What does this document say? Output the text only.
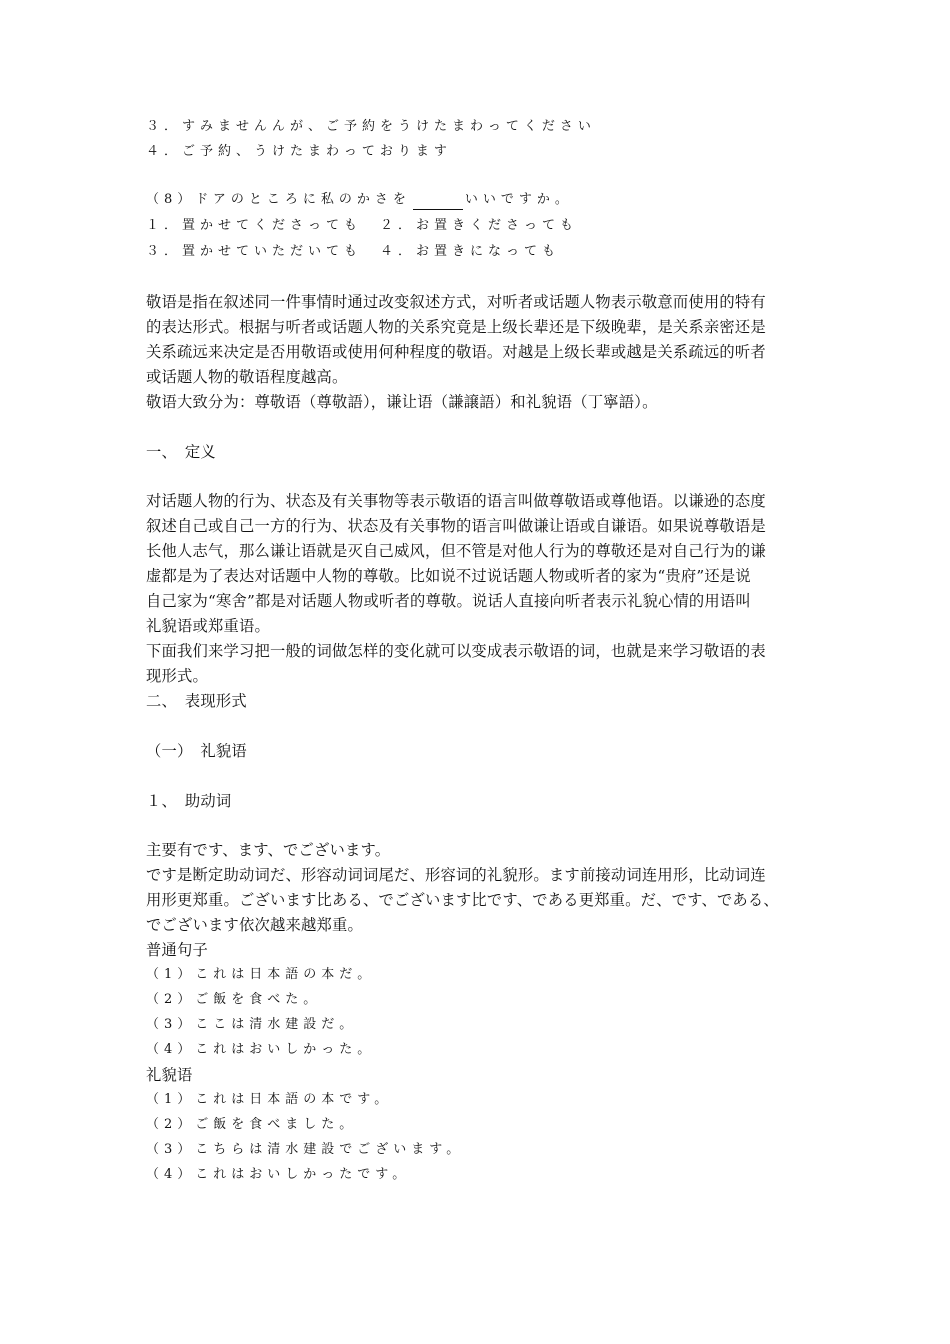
３．すみませんんが、ご予約をうけたまわってください
４．ご予約、うけたまわっております
（8）ドアのところに私のかさを	いいですか。
１．置かせてくださっても　２．お置きくださっても
３．置かせていただいても　４．お置きになっても
敬语是指在叙述同一件事情时通过改变叙述方式，对听者或话题人物表示敬意而使用的特有
的表达形式。根据与听者或话题人物的关系究竟是上级长辈还是下级晚辈，是关系亲密还是
关系疏远来决定是否用敬语或使用何种程度的敬语。对越是上级长辈或越是关系疏远的听者
或话题人物的敬语程度越高。
敬语大致分为：尊敬语（尊敬語），谦让语（謙譲語）和礼貌语（丁寧語）。
一、　定义
对话题人物的行为、状态及有关事物等表示敬语的语言叫做尊敬语或尊他语。以谦逊的态度
叙述自己或自己一方的行为、状态及有关事物的语言叫做谦让语或自谦语。如果说尊敬语是
长他人志气，那么谦让语就是灭自己威风，但不管是对他人行为的尊敬还是对自己行为的谦
虚都是为了表达对话题中人物的尊敬。比如说不过说话题人物或听者的家为“贵府”还是说
自己家为“寒舍”都是对话题人物或听者的尊敬。说话人直接向听者表示礼貌心情的用语叫
礼貌语或郑重语。
下面我们来学习把一般的词做怎样的变化就可以变成表示敬语的词，也就是来学习敬语的表
现形式。
二、　表现形式
（一）　礼貌语
１、　助动词
主要有です、ます、でございます。
です是断定助动词だ、形容动词词尾だ、形容词的礼貌形。ます前接动词连用形，比动词连
用形更郑重。ございます比ある、でございます比です、である更郑重。だ、です、である、
でございます依次越来越郑重。
普通句子
（1）これは日本語の本だ。
（2）ご飯を食べた。
（3）ここは清水建設だ。
（4）これはおいしかった。
礼貌语
（1）これは日本語の本です。
（2）ご飯を食べました。
（3）こちらは清水建設でございます。
（4）これはおいしかったです。
